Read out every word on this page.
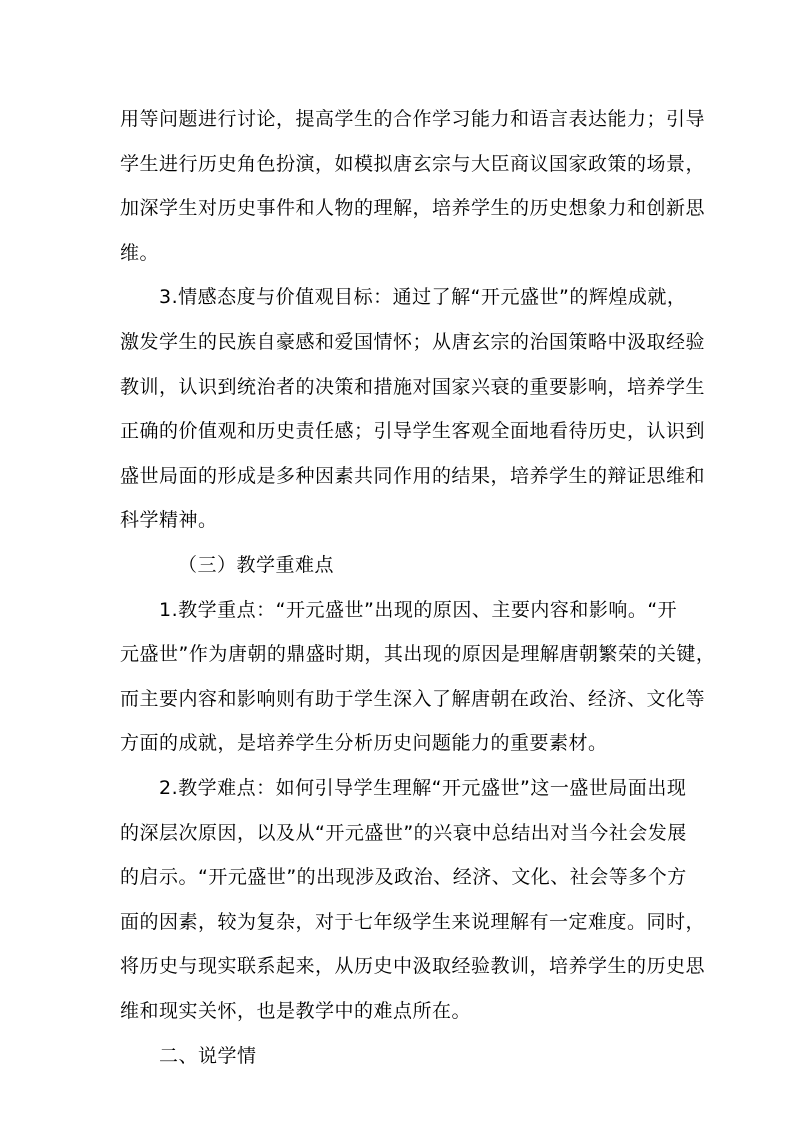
用等问题进行讨论，提高学生的合作学习能力和语言表达能力；引导
学生进行历史角色扮演，如模拟唐玄宗与大臣商议国家政策的场景，
加深学生对历史事件和人物的理解，培养学生的历史想象力和创新思
维。
3.情感态度与价值观目标：通过了解“开元盛世”的辉煌成就，
激发学生的民族自豪感和爱国情怀；从唐玄宗的治国策略中汲取经验
教训，认识到统治者的决策和措施对国家兴衰的重要影响，培养学生
正确的价值观和历史责任感；引导学生客观全面地看待历史，认识到
盛世局面的形成是多种因素共同作用的结果，培养学生的辩证思维和
科学精神。
（三）教学重难点
1.教学重点：“开元盛世”出现的原因、主要内容和影响。“开
元盛世”作为唐朝的鼎盛时期，其出现的原因是理解唐朝繁荣的关键，
而主要内容和影响则有助于学生深入了解唐朝在政治、经济、文化等
方面的成就，是培养学生分析历史问题能力的重要素材。
2.教学难点：如何引导学生理解“开元盛世”这一盛世局面出现
的深层次原因，以及从“开元盛世”的兴衰中总结出对当今社会发展
的启示。“开元盛世”的出现涉及政治、经济、文化、社会等多个方
面的因素，较为复杂，对于七年级学生来说理解有一定难度。同时，
将历史与现实联系起来，从历史中汲取经验教训，培养学生的历史思
维和现实关怀，也是教学中的难点所在。
二、说学情
